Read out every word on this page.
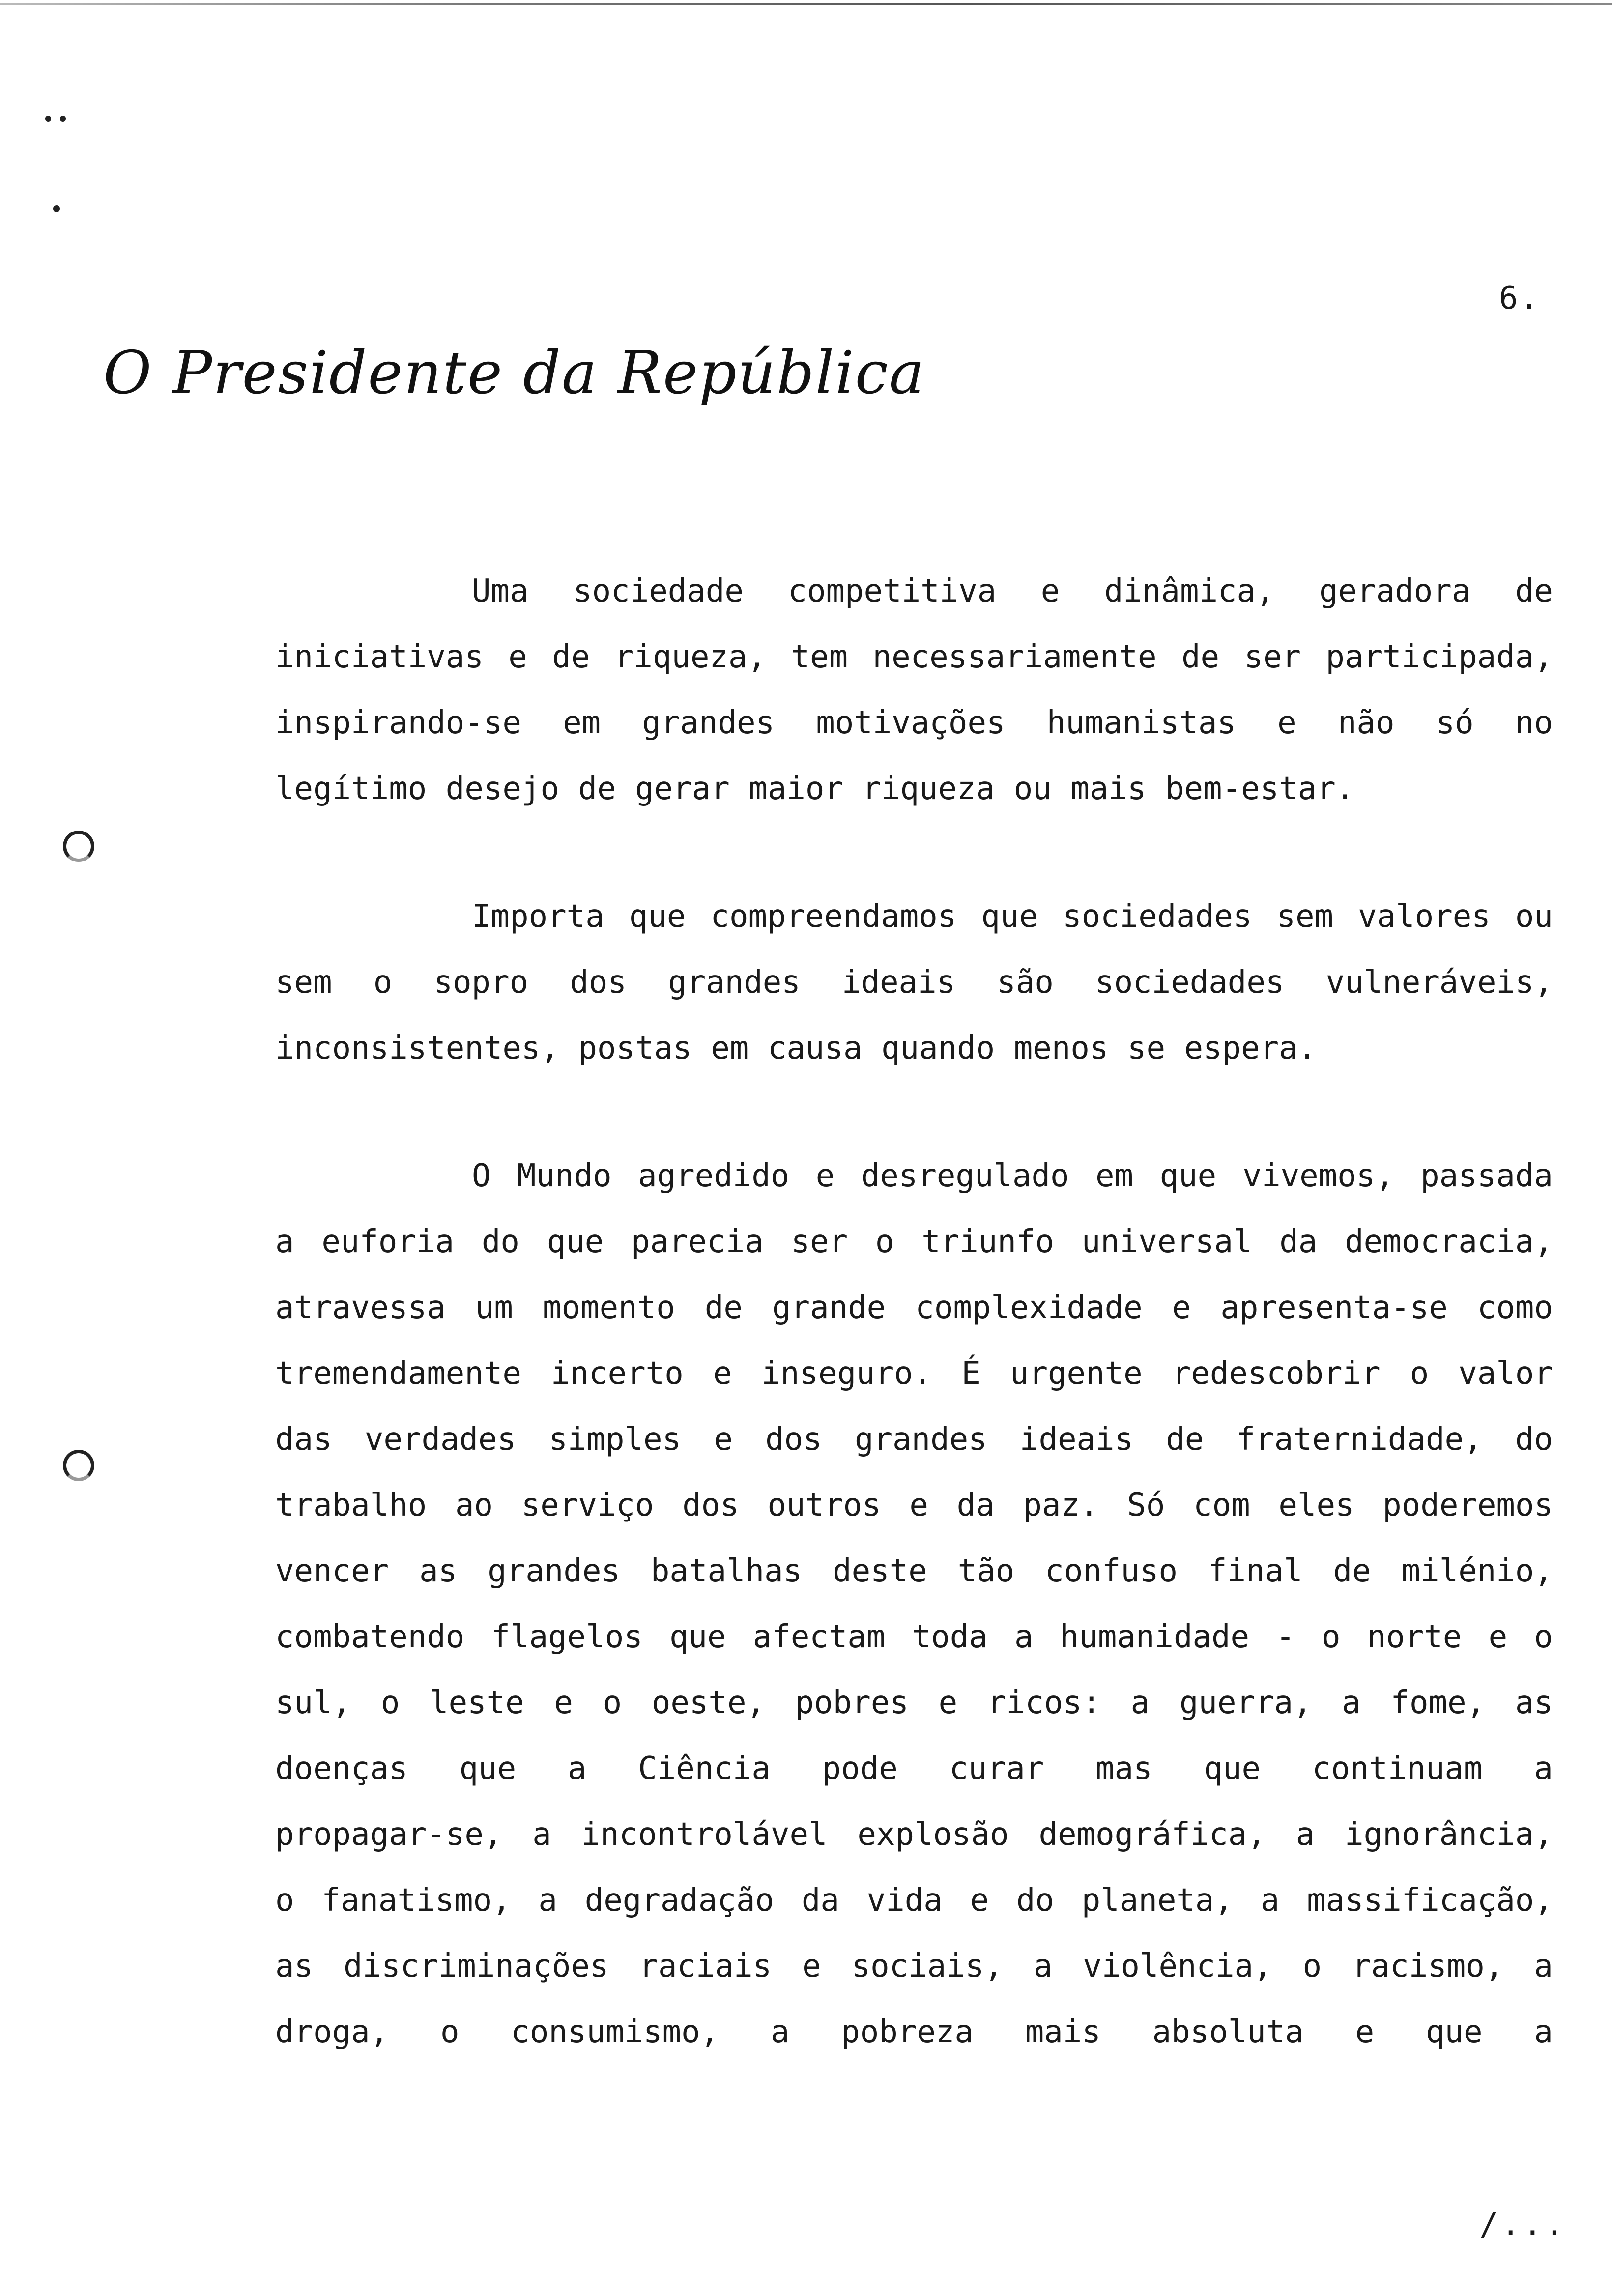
6.
O Presidente da República
Uma sociedade competitiva e dinâmica, geradora de
iniciativas e de riqueza, tem necessariamente de ser participada,
inspirando-se em grandes motivações humanistas e não só no
legítimo desejo de gerar maior riqueza ou mais bem-estar.
Importa que compreendamos que sociedades sem valores ou
sem o sopro dos grandes ideais são sociedades vulneráveis,
inconsistentes, postas em causa quando menos se espera.
O Mundo agredido e desregulado em que vivemos, passada
a euforia do que parecia ser o triunfo universal da democracia,
atravessa um momento de grande complexidade e apresenta-se como
tremendamente incerto e inseguro. É urgente redescobrir o valor
das verdades simples e dos grandes ideais de fraternidade, do
trabalho ao serviço dos outros e da paz. Só com eles poderemos
vencer as grandes batalhas deste tão confuso final de milénio,
combatendo flagelos que afectam toda a humanidade - o norte e o
sul, o leste e o oeste, pobres e ricos: a guerra, a fome, as
doenças que a Ciência pode curar mas que continuam a
propagar-se, a incontrolável explosão demográfica, a ignorância,
o fanatismo, a degradação da vida e do planeta, a massificação,
as discriminações raciais e sociais, a violência, o racismo, a
droga, o consumismo, a pobreza mais absoluta e que a
/...
